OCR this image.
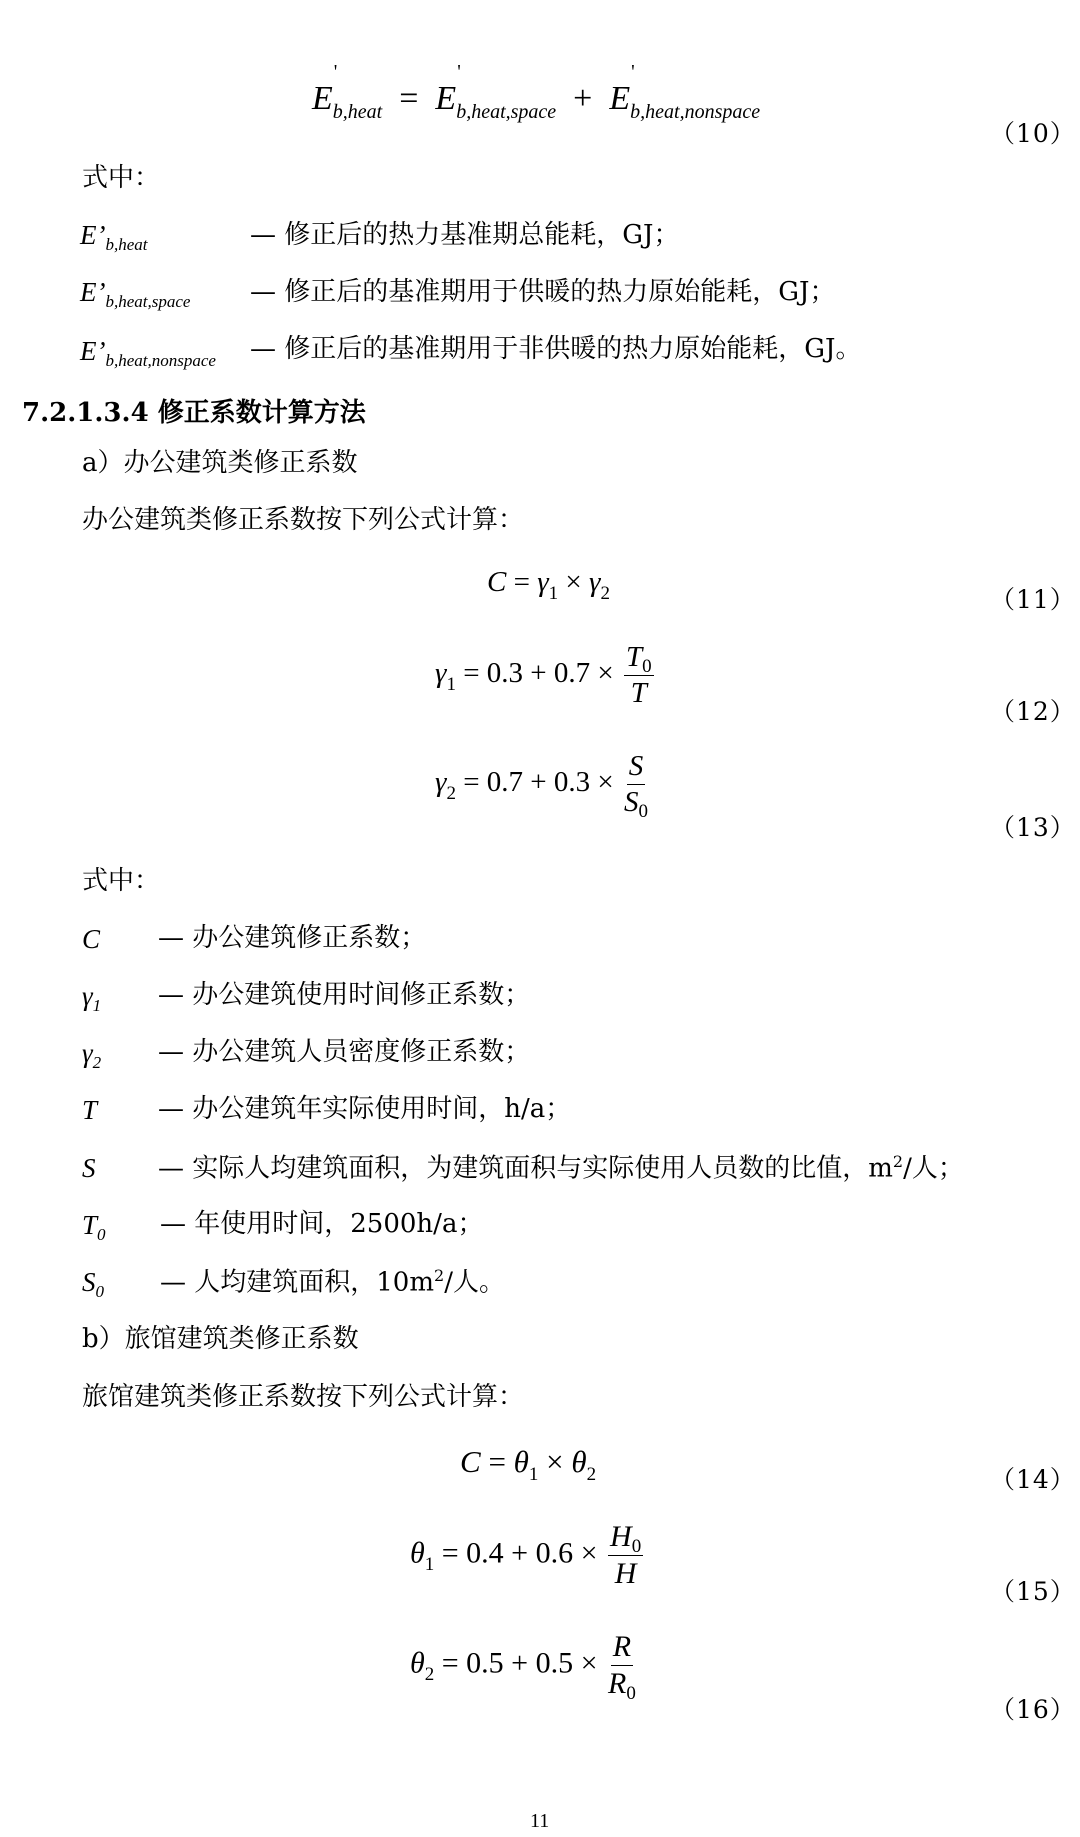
E
'
$_{b,heat}$  =  E
'
$_{b,heat,space}$  +  E
'
$_{b,heat,nonspace}$
（10）
式中：
$E’_{b,heat}$	— 修正后的热力基准期总能耗，GJ；
$E’_{b,heat,space}$ — 修正后的基准期用于供暖的热力原始能耗，GJ；
$E’_{b,heat,nonspace}$ — 修正后的基准期用于非供暖的热力原始能耗，GJ。
7.2.1.3.4 修正系数计算方法
a）办公建筑类修正系数
办公建筑类修正系数按下列公式计算：
$C = \gamma_1 \times \gamma_2$	（11）
$\gamma_1 = 0.3 + 0.7 \times \frac{T_0}{T}$
（12）
$\gamma_2 = 0.7 + 0.3 \times \frac{S}{S_0}$
（13）
式中：
C — 办公建筑修正系数；
$\gamma_1$ — 办公建筑使用时间修正系数；
$\gamma_2$ — 办公建筑人员密度修正系数；
T — 办公建筑年实际使用时间，h/a；
S — 实际人均建筑面积，为建筑面积与实际使用人员数的比值，$m^2/$人；
$T_0$ — 年使用时间，2500h/a；
$S_0$ — 人均建筑面积，$10m^2/$人。
b）旅馆建筑类修正系数
旅馆建筑类修正系数按下列公式计算：
$C = \theta_1 \times \theta_2$	（14）
$\theta_1 = 0.4 + 0.6 \times \frac{H_0}{H}$
（15）
$\theta_2 = 0.5 + 0.5 \times \frac{R}{R_0}$
（16）
11
